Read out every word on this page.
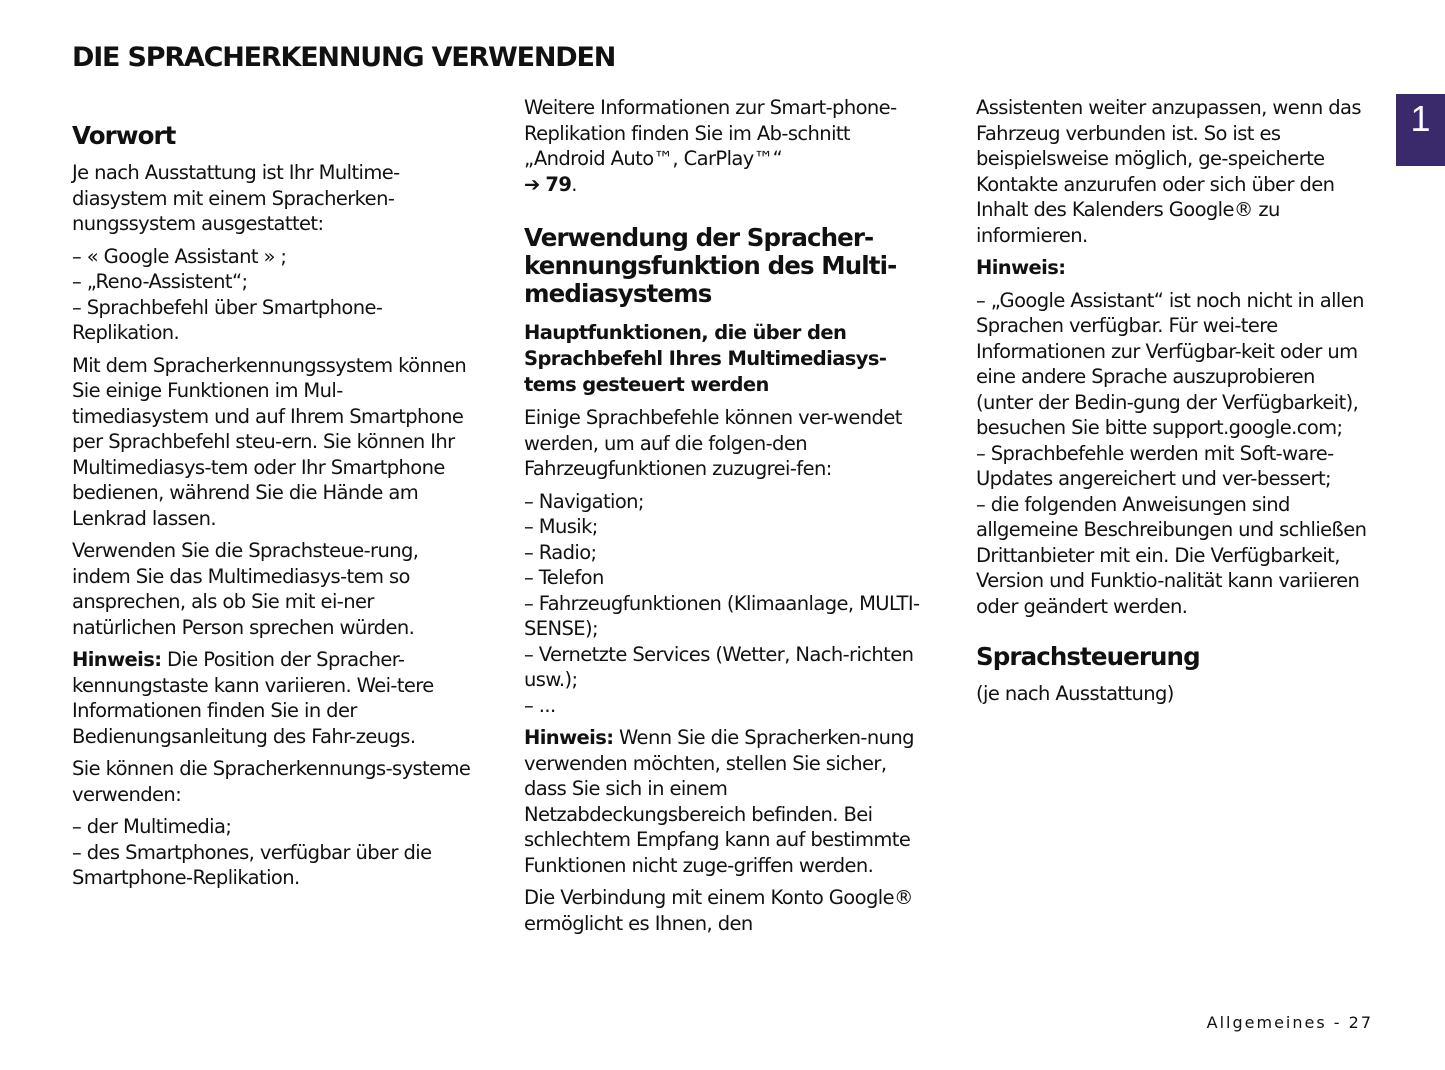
DIE SPRACHERKENNUNG VERWENDEN
1
Vorwort

Je nach Ausstattung ist Ihr Multime-diasystem mit einem Spracherken-nungssystem ausgestattet:

– « Google Assistant » ;
– „Reno-Assistent“;
– Sprachbefehl über Smartphone-Replikation.

Mit dem Spracherkennungssystem können Sie einige Funktionen im Mul-timediasystem und auf Ihrem Smartphone per Sprachbefehl steu-ern. Sie können Ihr Multimediasys-tem oder Ihr Smartphone bedienen, während Sie die Hände am Lenkrad lassen.

Verwenden Sie die Sprachsteue-rung, indem Sie das Multimediasys-tem so ansprechen, als ob Sie mit ei-ner natürlichen Person sprechen würden.

Hinweis: Die Position der Spracher-kennungstaste kann variieren. Wei-tere Informationen finden Sie in der Bedienungsanleitung des Fahr-zeugs.

Sie können die Spracherkennungs-systeme verwenden:

– der Multimedia;
– des Smartphones, verfügbar über die Smartphone-Replikation.

Weitere Informationen zur Smart-phone-Replikation finden Sie im Ab-schnitt „Android Auto™, CarPlay™“

➔ 79.

Verwendung der Spracher-kennungsfunktion des Multi-mediasystems
Hauptfunktionen, die über den Sprachbefehl Ihres Multimediasys-tems gesteuert werden

Einige Sprachbefehle können ver-wendet werden, um auf die folgen-den Fahrzeugfunktionen zuzugrei-fen:

– Navigation;
– Musik;
– Radio;
– Telefon
– Fahrzeugfunktionen (Klimaanlage, MULTI-SENSE);
– Vernetzte Services (Wetter, Nach-richten usw.);
– ...

Hinweis: Wenn Sie die Spracherken-nung verwenden möchten, stellen Sie sicher, dass Sie sich in einem Netzabdeckungsbereich befinden. Bei schlechtem Empfang kann auf bestimmte Funktionen nicht zuge-griffen werden.

Die Verbindung mit einem Konto Google® ermöglicht es Ihnen, den

Assistenten weiter anzupassen, wenn das Fahrzeug verbunden ist. So ist es beispielsweise möglich, ge-speicherte Kontakte anzurufen oder sich über den Inhalt des Kalenders Google® zu informieren.

Hinweis:

– „Google Assistant“ ist noch nicht in allen Sprachen verfügbar. Für wei-tere Informationen zur Verfügbar-keit oder um eine andere Sprache auszuprobieren (unter der Bedin-gung der Verfügbarkeit), besuchen Sie bitte support.google.com;
– Sprachbefehle werden mit Soft-ware-Updates angereichert und ver-bessert;
– die folgenden Anweisungen sind allgemeine Beschreibungen und schließen Drittanbieter mit ein. Die Verfügbarkeit, Version und Funktio-nalität kann variieren oder geändert werden.
Sprachsteuerung

(je nach Ausstattung)

Allgemeines - 27
